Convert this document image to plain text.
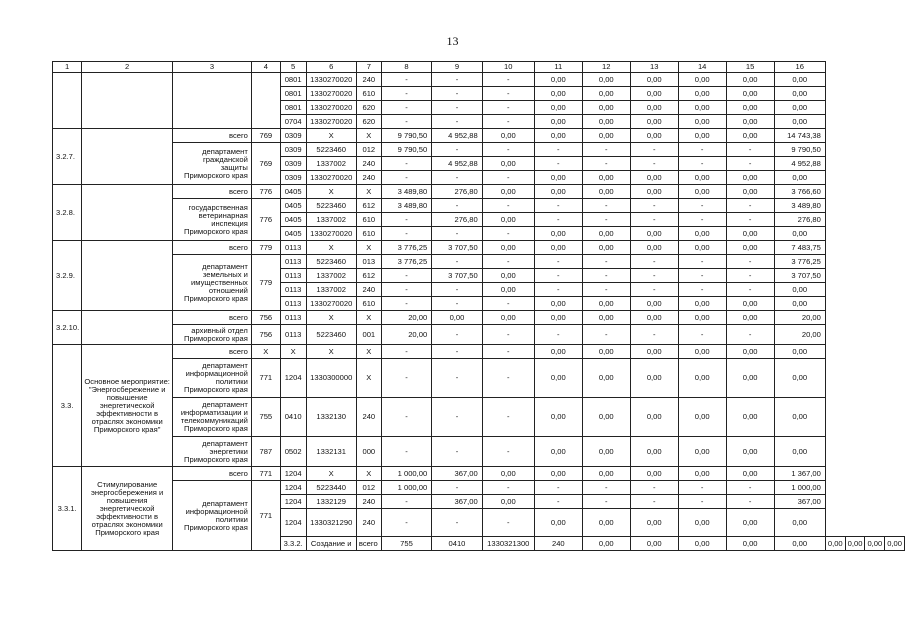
13
1	2	3	4	5	6	7	8	9	10	11	12	13	14	15	16				
				0801	1330270020	240	-	-	-	0,00	0,00	0,00	0,00	0,00	0,00				
				0801	1330270020	610	-	-	-	0,00	0,00	0,00	0,00	0,00	0,00				
				0801	1330270020	620	-	-	-	0,00	0,00	0,00	0,00	0,00	0,00				
				0704	1330270020	620	-	-	-	0,00	0,00	0,00	0,00	0,00	0,00				
3.2.7.		всего	769	0309	X	X	9 790,50	4 952,88	0,00	0,00	0,00	0,00	0,00	0,00	14 743,38				
		департамент гражданской защиты Приморского края	769	0309	5223460	012	9 790,50	-	-	-	-	-	-	-	9 790,50				
				0309	1337002	240	-	4 952,88	0,00	-	-	-	-	-	4 952,88				
				0309	1330270020	240	-	-	-	0,00	0,00	0,00	0,00	0,00	0,00				
3.2.8.		всего	776	0405	X	X	3 489,80	276,80	0,00	0,00	0,00	0,00	0,00	0,00	3 766,60				
		государственная ветеринарная инспекция Приморского края	776	0405	5223460	612	3 489,80	-	-	-	-	-	-	-	3 489,80				
				0405	1337002	610	-	276,80	0,00	-	-	-	-	-	276,80				
				0405	1330270020	610	-	-	-	0,00	0,00	0,00	0,00	0,00	0,00				
3.2.9.		всего	779	0113	X	X	3 776,25	3 707,50	0,00	0,00	0,00	0,00	0,00	0,00	7 483,75				
		департамент земельных и имущественных отношений Приморского края	779	0113	5223460	013	3 776,25	-	-	-	-	-	-	-	3 776,25				
				0113	1337002	612	-	3 707,50	0,00	-	-	-	-	-	3 707,50				
				0113	1337002	240	-	-	0,00	-	-	-	-	-	0,00				
				0113	1330270020	610	-	-	-	0,00	0,00	0,00	0,00	0,00	0,00				
3.2.10.		всего	756	0113	X	X	20,00	0,00	0,00	0,00	0,00	0,00	0,00	0,00	20,00				
		архивный отдел Приморского края	756	0113	5223460	001	20,00	-	-	-	-	-	-	-	20,00				
3.3.	Основное мероприятие: "Энергосбережение и повышение энергетической эффективности в отраслях экономики Приморского края"	всего	X	X	X	X	-	-	-	0,00	0,00	0,00	0,00	0,00	0,00				
		департамент информационной политики Приморского края	771	1204	1330300000	X	-	-	-	0,00	0,00	0,00	0,00	0,00	0,00				
		департамент информатизации и телекоммуникаций Приморского края	755	0410	1332130	240	-	-	-	0,00	0,00	0,00	0,00	0,00	0,00				
		департамент энергетики Приморского края	787	0502	1332131	000	-	-	-	0,00	0,00	0,00	0,00	0,00	0,00				
3.3.1.	Стимулирование энергосбережения и повышения энергетической эффективности в отраслях экономики Приморского края	всего	771	1204	X	X	1 000,00	367,00	0,00	0,00	0,00	0,00	0,00	0,00	1 367,00				
		департамент информационной политики Приморского края	771	1204	5223440	012	1 000,00	-	-	-	-	-	-	-	1 000,00				
				1204	1332129	240	-	367,00	0,00	-	-	-	-	-	367,00				
				1204	1330321290	240	-	-	-	0,00	0,00	0,00	0,00	0,00	0,00				
				3.3.2.	Создание и	всего	755	0410	1330321300	240	0,00	0,00	0,00	0,00	0,00	0,00	0,00	0,00	0,00
